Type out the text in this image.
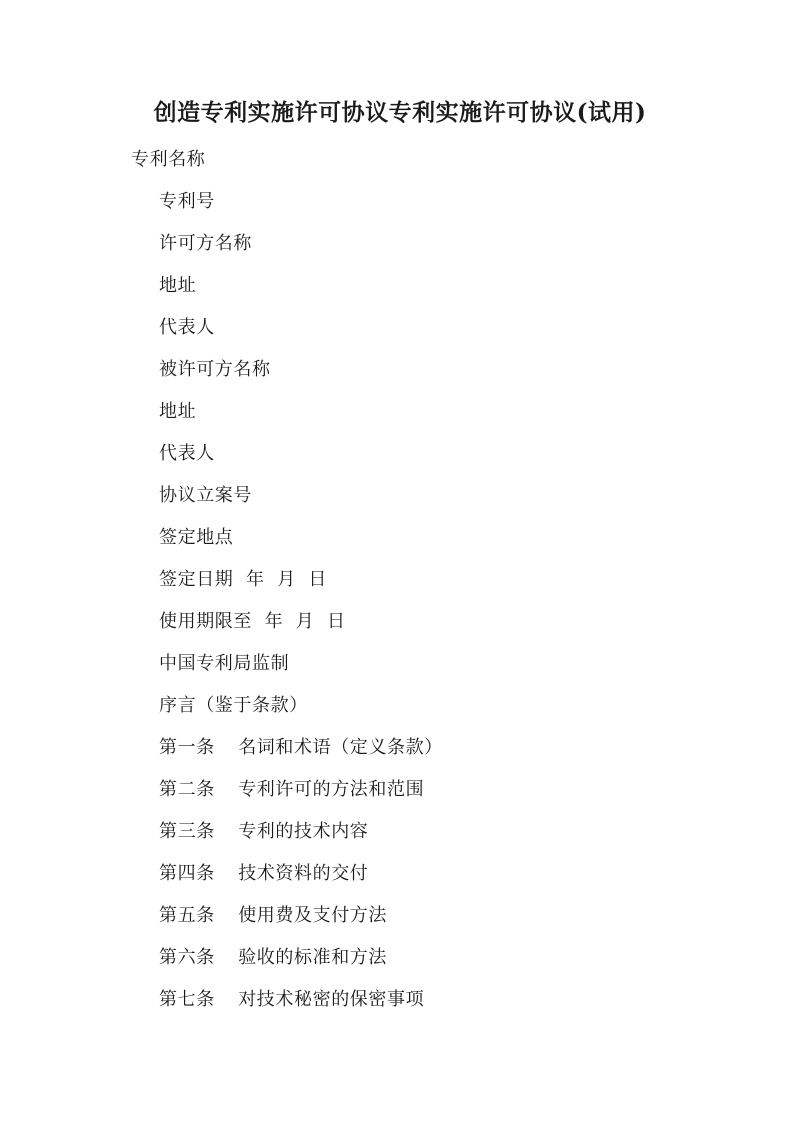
创造专利实施许可协议专利实施许可协议(试用)
专利名称
专利号
许可方名称
地址
代表人
被许可方名称
地址
代表人
协议立案号
签定地点
签定日期 年 月 日
使用期限至 年 月 日
中国专利局监制
序言（鉴于条款）
第一条 名词和术语（定义条款）
第二条 专利许可的方法和范围
第三条 专利的技术内容
第四条 技术资料的交付
第五条 使用费及支付方法
第六条 验收的标准和方法
第七条 对技术秘密的保密事项
